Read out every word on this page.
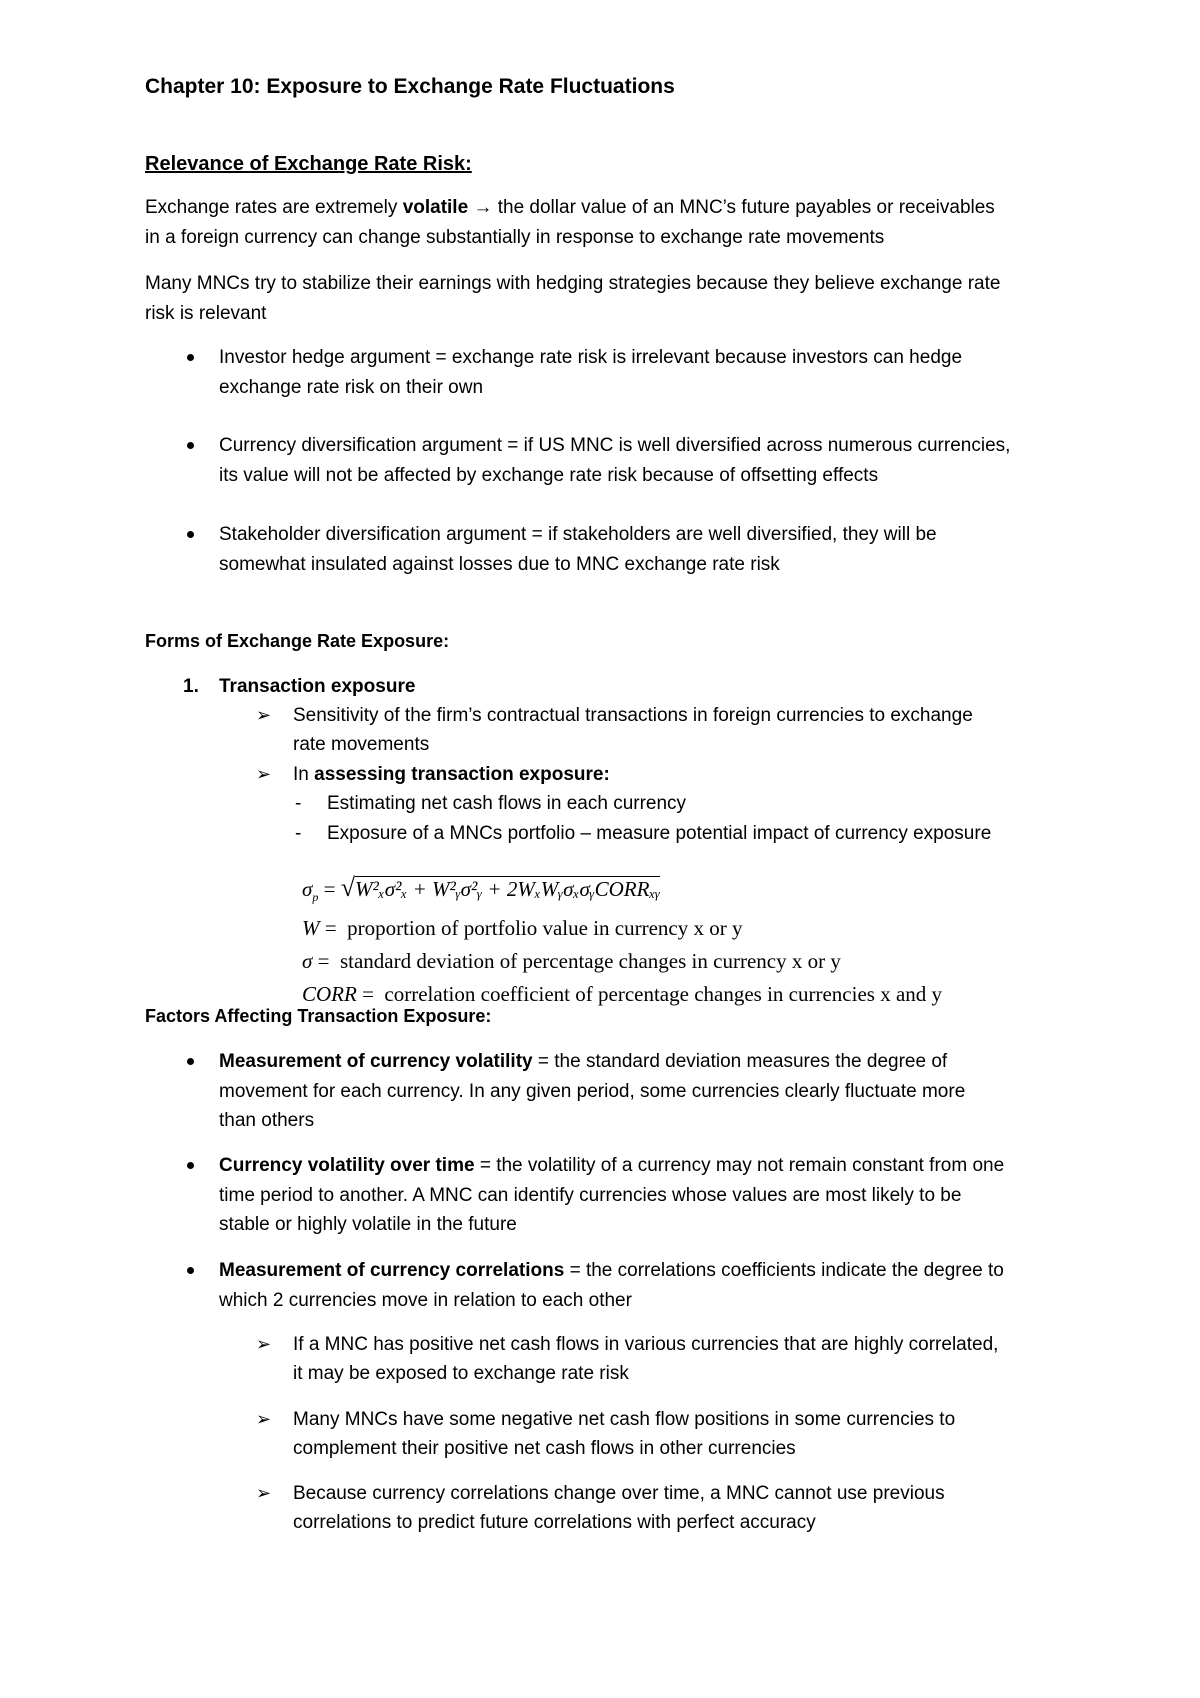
Chapter 10: Exposure to Exchange Rate Fluctuations
Relevance of Exchange Rate Risk:
Exchange rates are extremely volatile → the dollar value of an MNC’s future payables or receivables
in a foreign currency can change substantially in response to exchange rate movements
Many MNCs try to stabilize their earnings with hedging strategies because they believe exchange rate
risk is relevant
Investor hedge argument = exchange rate risk is irrelevant because investors can hedge
exchange rate risk on their own
Currency diversification argument = if US MNC is well diversified across numerous currencies,
its value will not be affected by exchange rate risk because of offsetting effects
Stakeholder diversification argument = if stakeholders are well diversified, they will be
somewhat insulated against losses due to MNC exchange rate risk
Forms of Exchange Rate Exposure:
1. Transaction exposure
➢ Sensitivity of the firm’s contractual transactions in foreign currencies to exchange
rate movements
➢ In assessing transaction exposure:
- Estimating net cash flows in each currency
- Exposure of a MNCs portfolio – measure potential impact of currency exposure
$\sigma_p = √W^2_x\sigma^2_x$ + W²ᵧσ²ᵧ + 2WₓWᵧσₓσᵧCORRₓᵧ
W = proportion of portfolio value in currency x or y
σ = standard deviation of percentage changes in currency x or y
CORR = correlation coefficient of percentage changes in currencies x and y
Factors Affecting Transaction Exposure:
Measurement of currency volatility = the standard deviation measures the degree of
movement for each currency. In any given period, some currencies clearly fluctuate more
than others
Currency volatility over time = the volatility of a currency may not remain constant from one
time period to another. A MNC can identify currencies whose values are most likely to be
stable or highly volatile in the future
Measurement of currency correlations = the correlations coefficients indicate the degree to
which 2 currencies move in relation to each other
➢ If a MNC has positive net cash flows in various currencies that are highly correlated,
it may be exposed to exchange rate risk
➢ Many MNCs have some negative net cash flow positions in some currencies to
complement their positive net cash flows in other currencies
➢ Because currency correlations change over time, a MNC cannot use previous
correlations to predict future correlations with perfect accuracy
